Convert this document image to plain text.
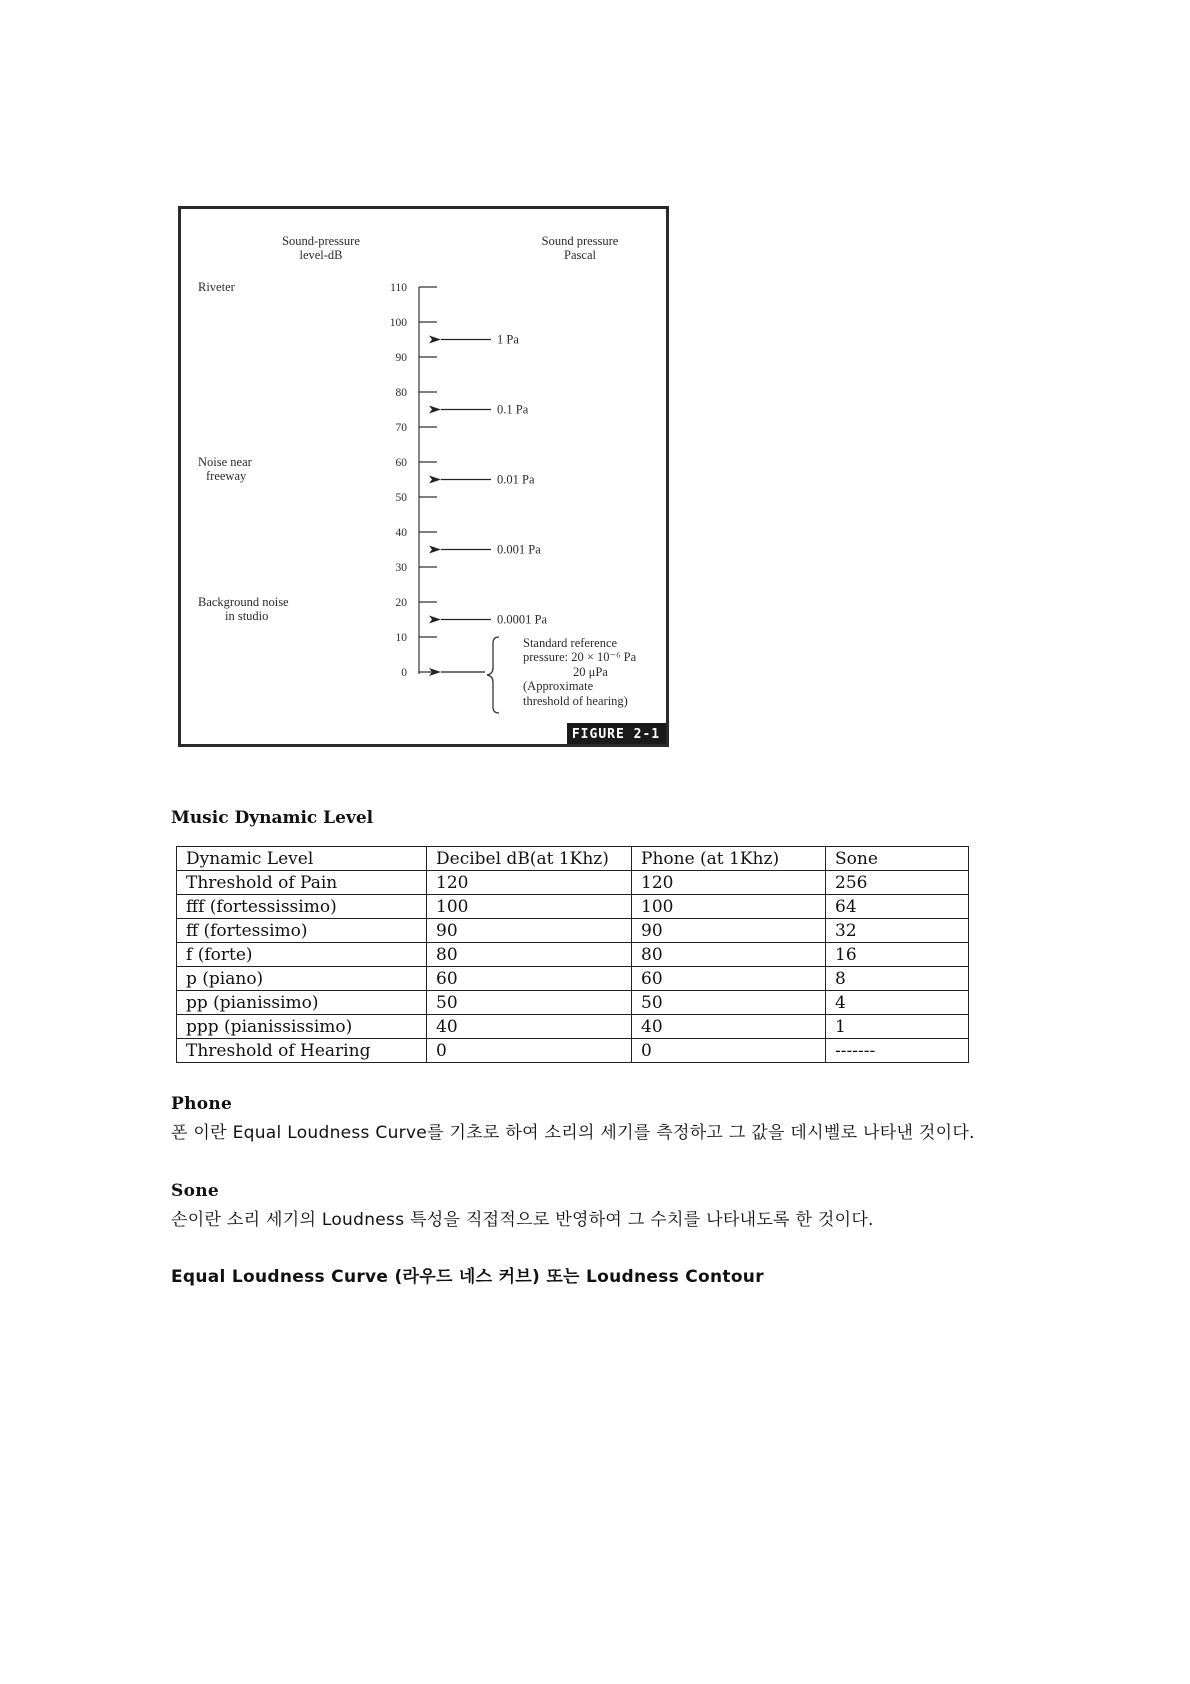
Sound-pressure
level-dB
Sound pressure
Pascal
Riveter
Noise near
freeway
Background noise
in studio
110
100
90
80
70
60
50
40
30
20
10
0
1 Pa
0.1 Pa
0.01 Pa
0.001 Pa
0.0001 Pa
Standard reference
pressure: 20 × 10⁻⁶ Pa
20 μPa
(Approximate
threshold of hearing)
FIGURE 2-1
Music Dynamic Level
Dynamic Level	Decibel dB(at 1Khz)	Phone (at 1Khz)	Sone
Threshold of Pain	120	120	256
fff (fortessissimo)	100	100	64
ff (fortessimo)	90	90	32
f (forte)	80	80	16
p (piano)	60	60	8
pp (pianissimo)	50	50	4
ppp (pianississimo)	40	40	1
Threshold of Hearing	0	0	-------

Phone

폰 이란 Equal Loudness Curve를 기초로 하여 소리의 세기를 측정하고 그 값을 데시벨로 나타낸 것이다.

Sone

손이란 소리 세기의 Loudness 특성을 직접적으로 반영하여 그 수치를 나타내도록 한 것이다.

Equal Loudness Curve (라우드 네스 커브) 또는 Loudness Contour
